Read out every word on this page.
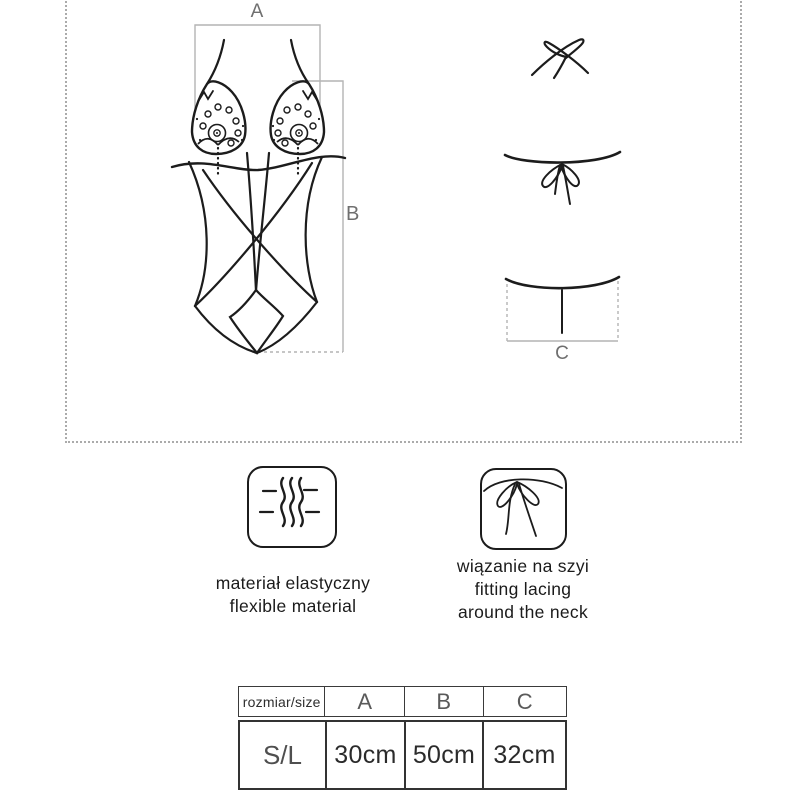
A
B
C
materiał elastyczny
flexible material
wiązanie na szyi
fitting lacing
around the neck
rozmiar/size	A	B	C
S/L	30cm 50cm 32cm
